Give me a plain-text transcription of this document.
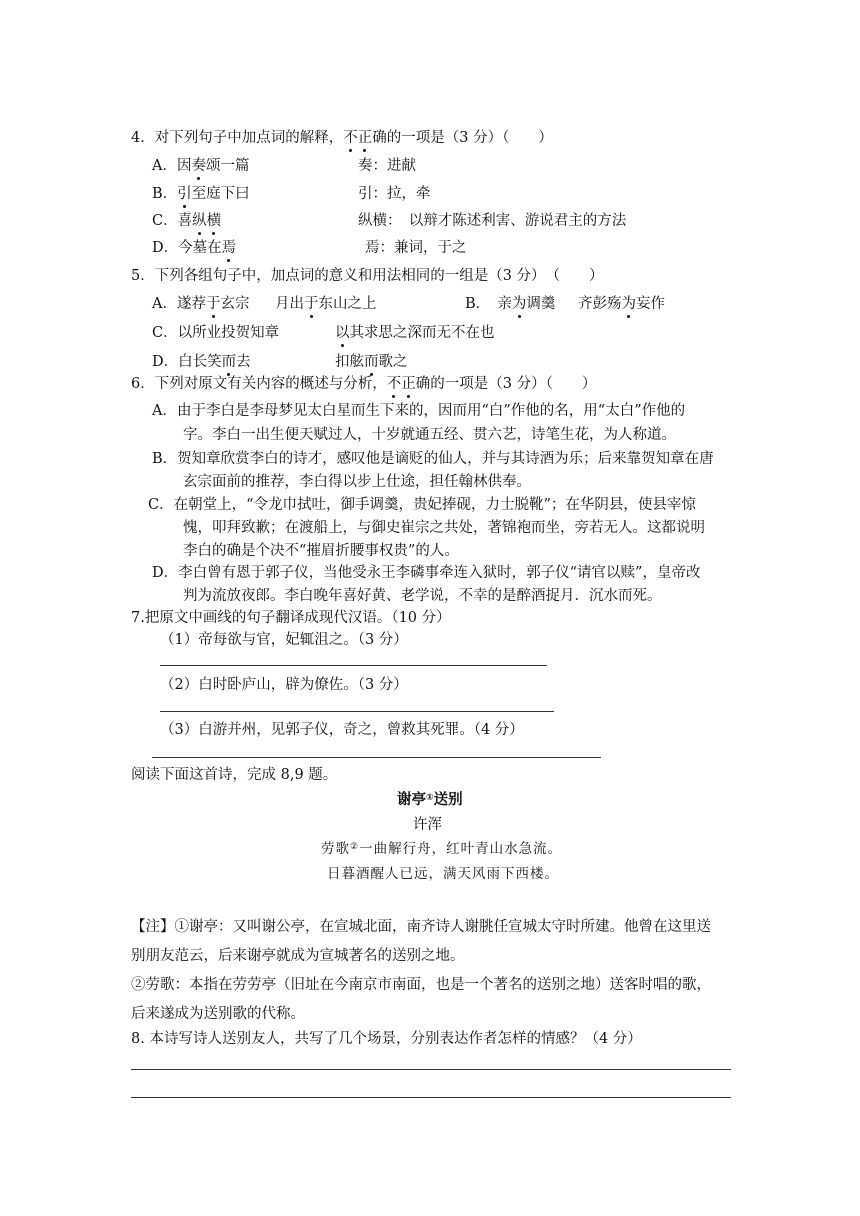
4．对下列句子中加点词的解释，不正确的一项是（3 分）（　　）
A．因奏颂一篇	奏：进献
B．引至庭下曰	引：拉，牵
C．喜纵横	纵横：　以辩才陈述利害、游说君主的方法
D．今墓在焉	焉：兼词，于之
5．下列各组句子中，加点词的意义和用法相同的一组是（3 分）　（　　）
A．遂荐于玄宗 月出于东山之上	B．　亲为调羹 齐彭殇为妄作
C．以所业投贺知章	以其求思之深而无不在也
D．白长笑而去	扣舷而歌之
6．下列对原文有关内容的概述与分析，不正确的一项是（3 分）（　　）
A．由于李白是李母梦见太白星而生下来的，因而用“白”作他的名，用“太白”作他的
字。李白一出生便天赋过人，十岁就通五经、贯六艺，诗笔生花，为人称道。
B．贺知章欣赏李白的诗才，感叹他是谪贬的仙人，并与其诗酒为乐；后来靠贺知章在唐
玄宗面前的推荐，李白得以步上仕途，担任翰林供奉。
C．在朝堂上，“令龙巾拭吐，御手调羹，贵妃捧砚，力士脱靴”；在华阴县，使县宰惊
愧，叩拜致歉；在渡船上，与御史崔宗之共处，著锦袍而坐，旁若无人。这都说明
李白的确是个决不“摧眉折腰事权贵”的人。
D．李白曾有恩于郭子仪，当他受永王李磷事牵连入狱时，郭子仪“请官以赎”，皇帝改
判为流放夜郎。李白晚年喜好黄、老学说，不幸的是醉酒捉月．沉水而死。
7.把原文中画线的句子翻译成现代汉语。（10 分）
（1）帝每欲与官，妃辄沮之。（3 分）
（2）白时卧庐山，辟为僚佐。（3 分）
（3）白游并州，见郭子仪，奇之，曾救其死罪。（4 分）
阅读下面这首诗，完成 8,9 题。
谢亭①送别
许浑
劳歌②一曲解行舟，红叶青山水急流。
日暮酒醒人已远，满天风雨下西楼。
【注】①谢亭：又叫谢公亭，在宣城北面，南齐诗人谢朓任宣城太守时所建。他曾在这里送
别朋友范云，后来谢亭就成为宣城著名的送别之地。
②劳歌：本指在劳劳亭（旧址在今南京市南面，也是一个著名的送别之地）送客时唱的歌，
后来遂成为送别歌的代称。
8. 本诗写诗人送别友人，共写了几个场景，分别表达作者怎样的情感？（4 分）
